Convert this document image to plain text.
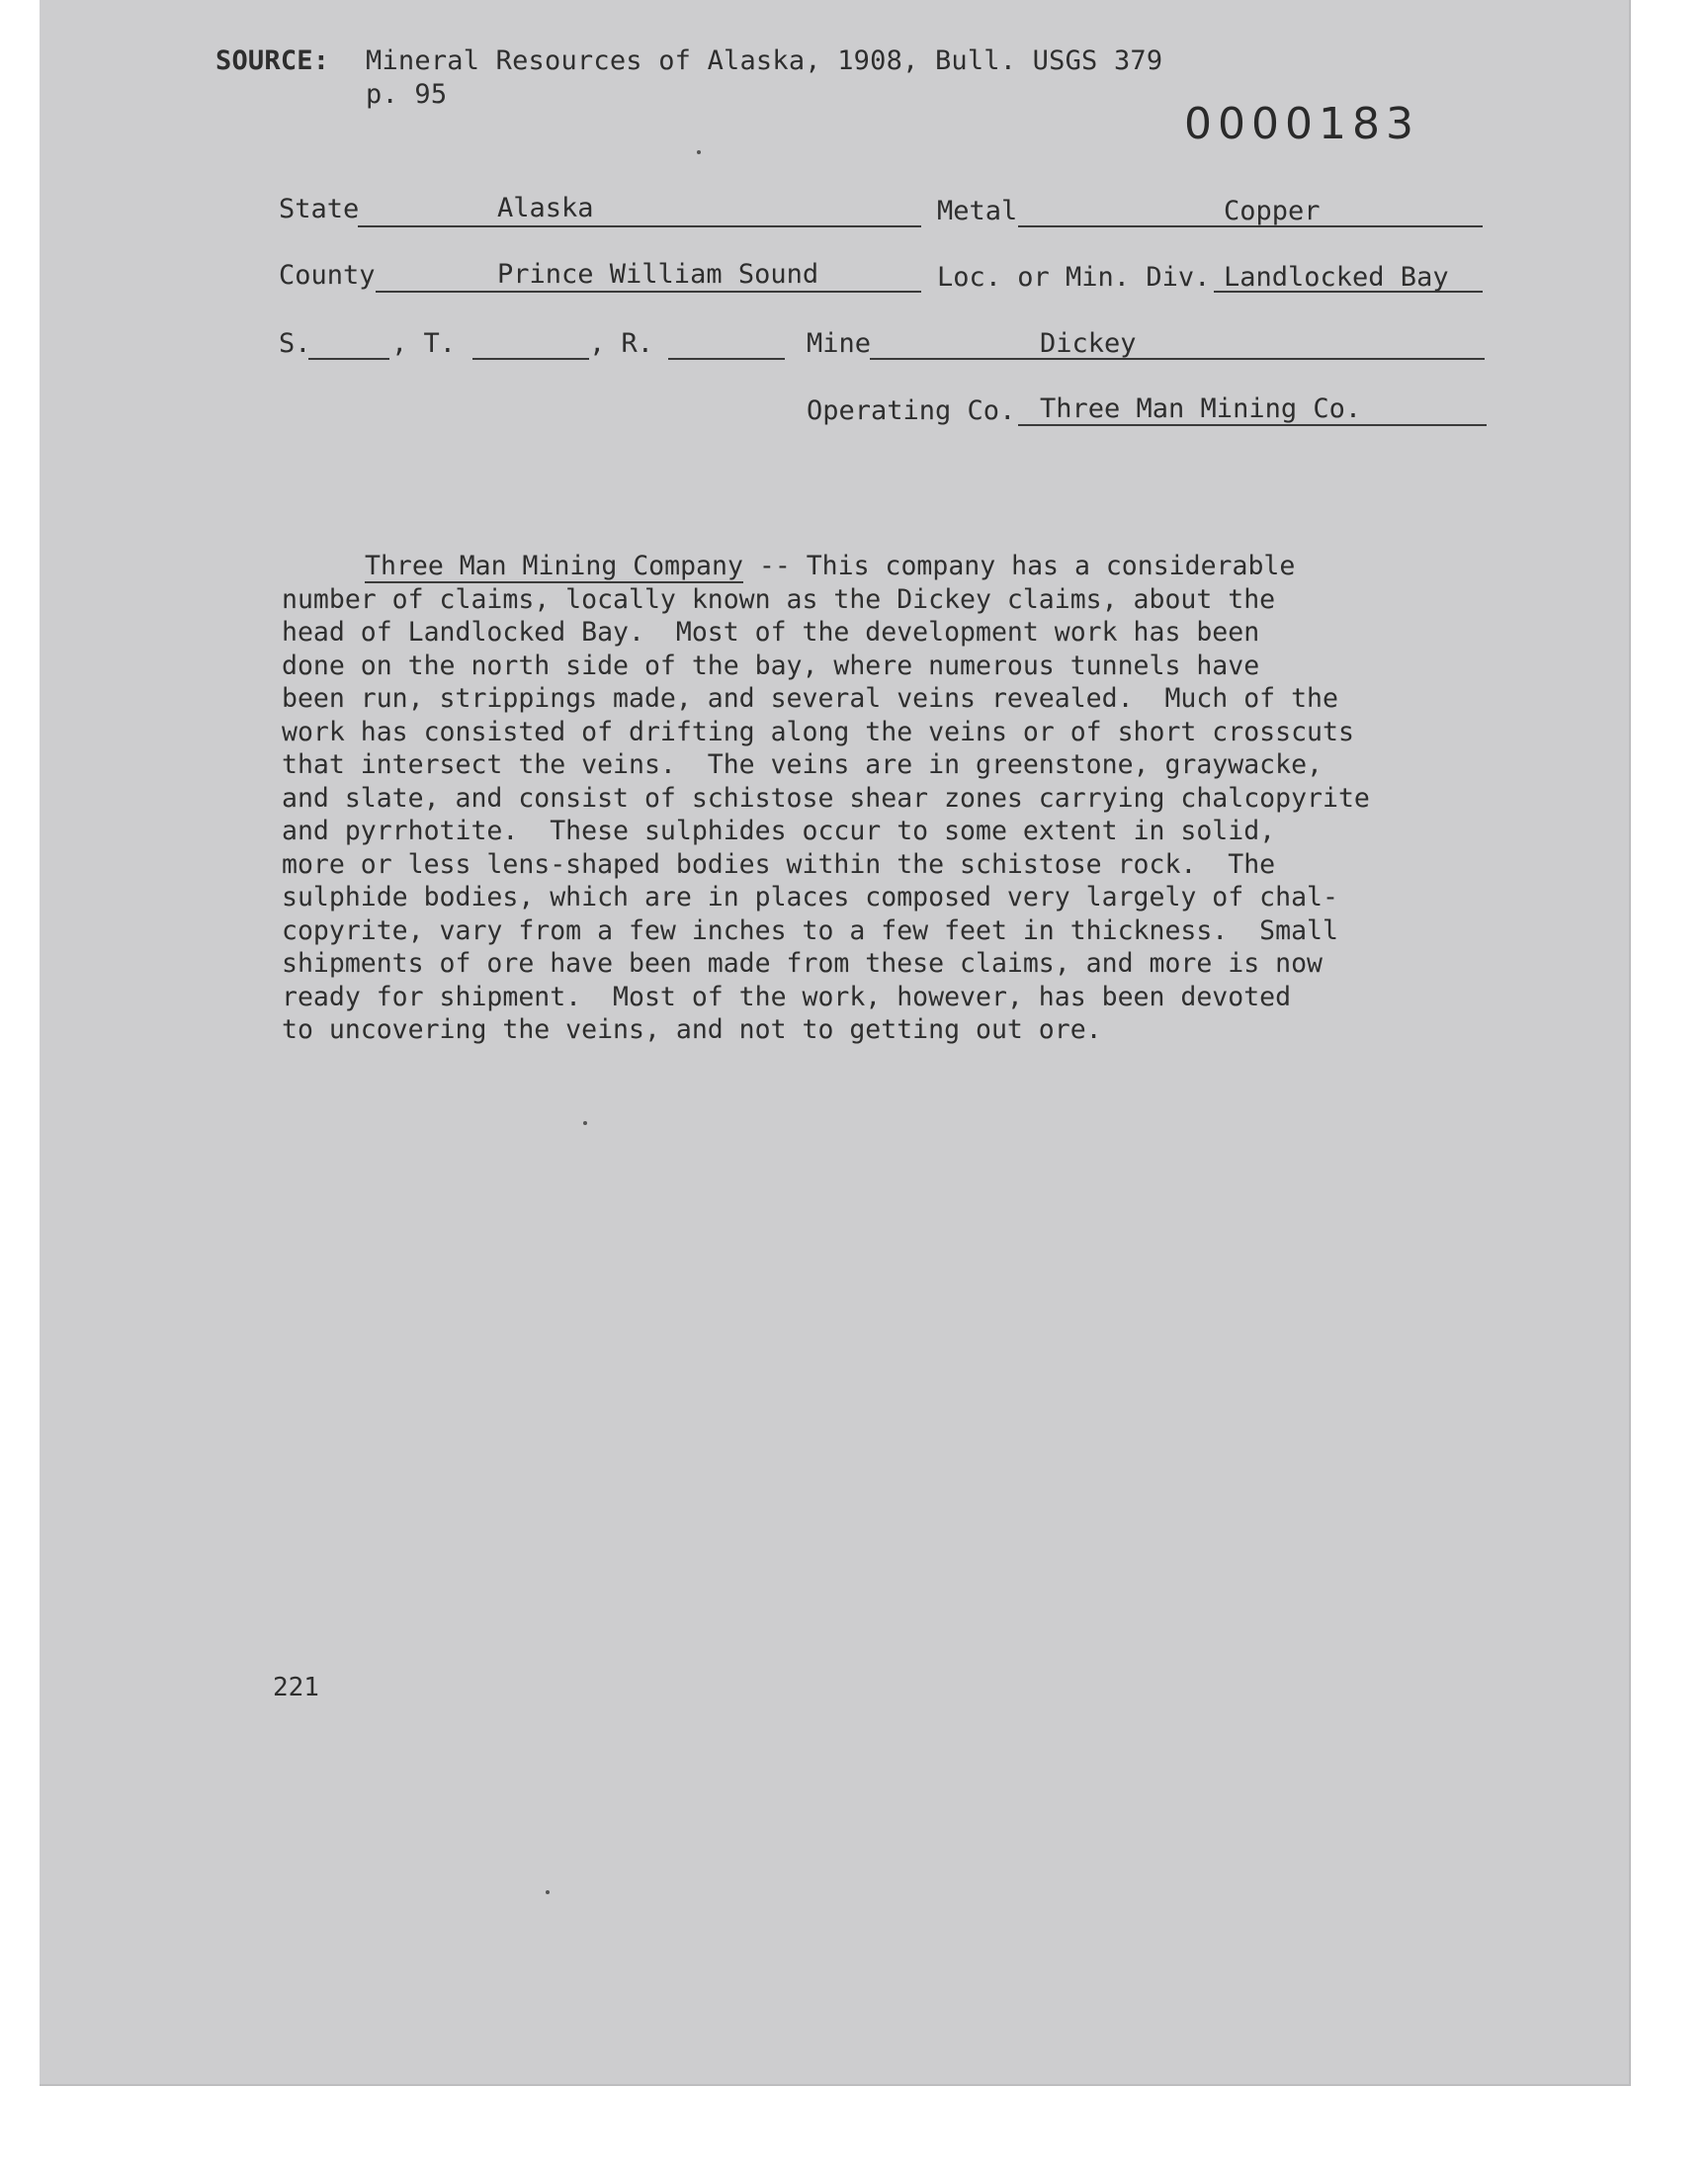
SOURCE: Mineral Resources of Alaska, 1908, Bull. USGS 379
p. 95
0000183
State	Alaska	Metal	Copper
County	Prince William Sound	Loc. or Min. Div. Landlocked Bay
S.	, T.	, R.	Mine	Dickey
Operating Co. Three Man Mining Co.
Three Man Mining Company -- This company has a considerable
number of claims, locally known as the Dickey claims, about the
head of Landlocked Bay.  Most of the development work has been
done on the north side of the bay, where numerous tunnels have
been run, strippings made, and several veins revealed.  Much of the
work has consisted of drifting along the veins or of short crosscuts
that intersect the veins.  The veins are in greenstone, graywacke,
and slate, and consist of schistose shear zones carrying chalcopyrite
and pyrrhotite.  These sulphides occur to some extent in solid,
more or less lens-shaped bodies within the schistose rock.  The
sulphide bodies, which are in places composed very largely of chal-
copyrite, vary from a few inches to a few feet in thickness.  Small
shipments of ore have been made from these claims, and more is now
ready for shipment.  Most of the work, however, has been devoted
to uncovering the veins, and not to getting out ore.
221
